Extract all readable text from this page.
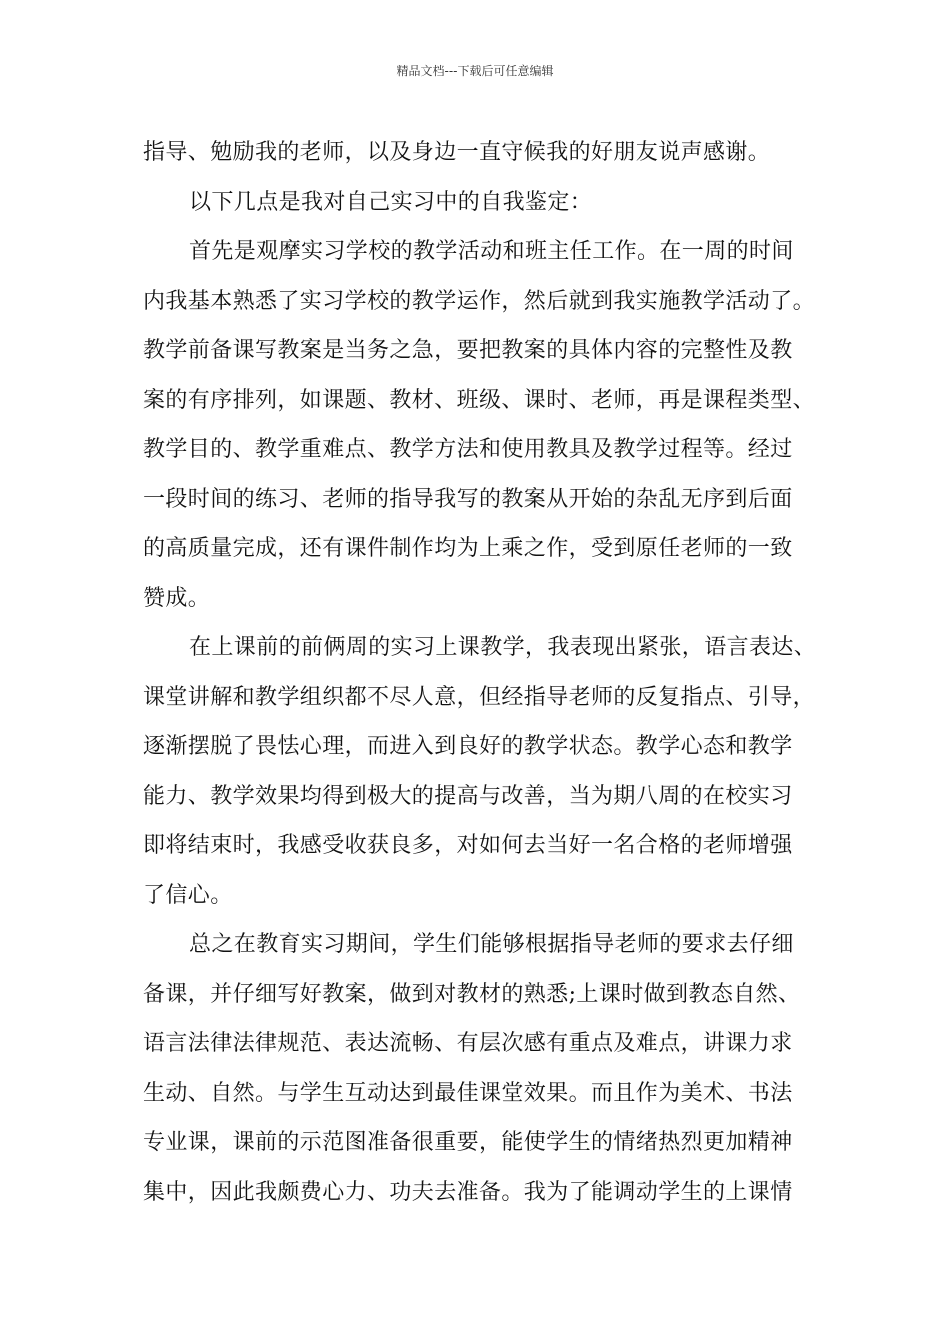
精品文档---下载后可任意编辑
指导、勉励我的老师，以及身边一直守候我的好朋友说声感谢。
以下几点是我对自己实习中的自我鉴定：
首先是观摩实习学校的教学活动和班主任工作。在一周的时间
内我基本熟悉了实习学校的教学运作，然后就到我实施教学活动了。
教学前备课写教案是当务之急，要把教案的具体内容的完整性及教
案的有序排列，如课题、教材、班级、课时、老师，再是课程类型、
教学目的、教学重难点、教学方法和使用教具及教学过程等。经过
一段时间的练习、老师的指导我写的教案从开始的杂乱无序到后面
的高质量完成，还有课件制作均为上乘之作，受到原任老师的一致
赞成。
在上课前的前俩周的实习上课教学，我表现出紧张，语言表达、
课堂讲解和教学组织都不尽人意，但经指导老师的反复指点、引导，
逐渐摆脱了畏怯心理，而进入到良好的教学状态。教学心态和教学
能力、教学效果均得到极大的提高与改善，当为期八周的在校实习
即将结束时，我感受收获良多，对如何去当好一名合格的老师增强
了信心。
总之在教育实习期间，学生们能够根据指导老师的要求去仔细
备课，并仔细写好教案，做到对教材的熟悉;上课时做到教态自然、
语言法律法律规范、表达流畅、有层次感有重点及难点，讲课力求
生动、自然。与学生互动达到最佳课堂效果。而且作为美术、书法
专业课，课前的示范图准备很重要，能使学生的情绪热烈更加精神
集中，因此我颇费心力、功夫去准备。我为了能调动学生的上课情
